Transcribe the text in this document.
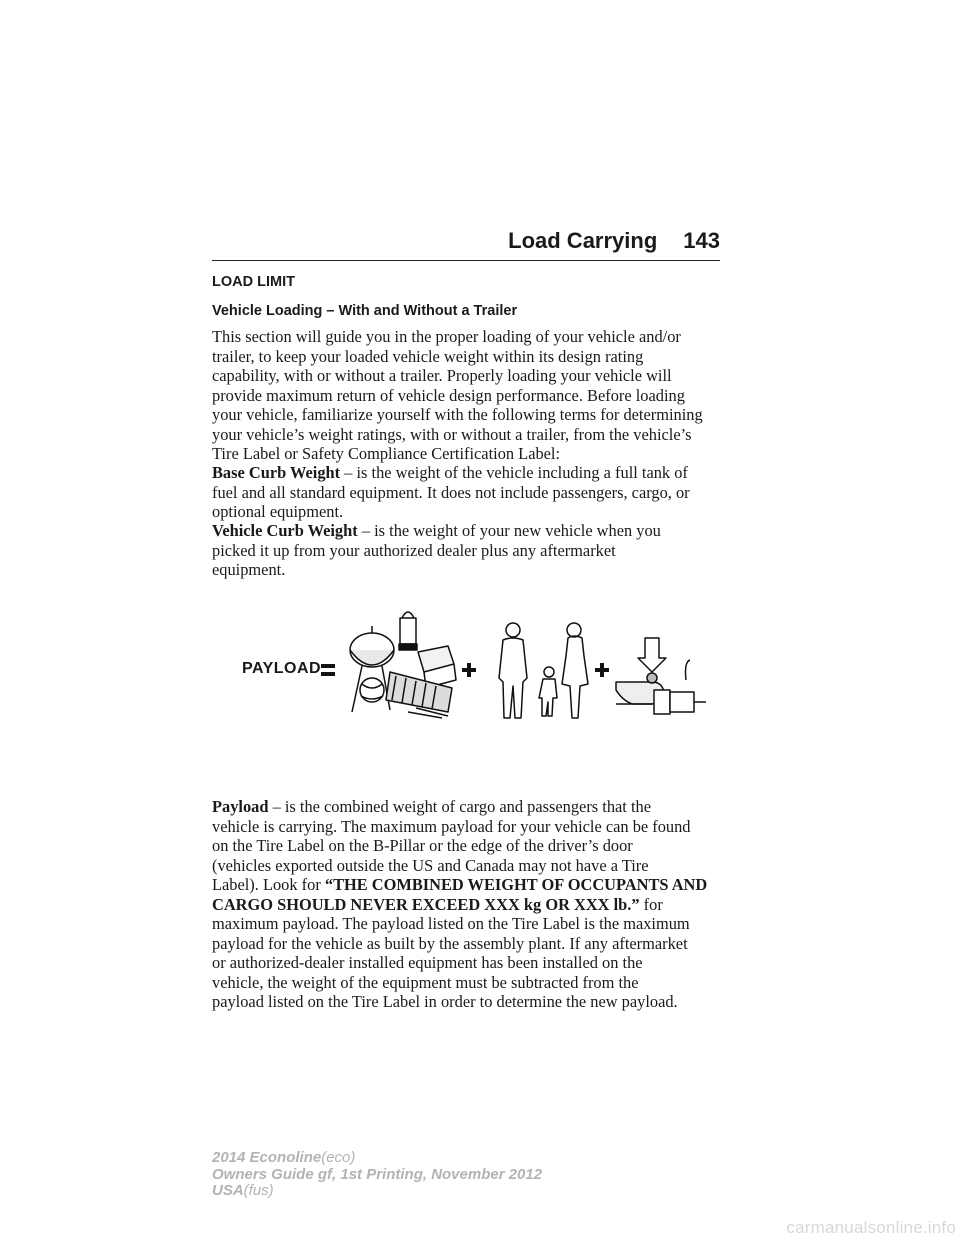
Load Carrying 143
LOAD LIMIT
Vehicle Loading – With and Without a Trailer
This section will guide you in the proper loading of your vehicle and/or
trailer, to keep your loaded vehicle weight within its design rating
capability, with or without a trailer. Properly loading your vehicle will
provide maximum return of vehicle design performance. Before loading
your vehicle, familiarize yourself with the following terms for determining
your vehicle’s weight ratings, with or without a trailer, from the vehicle’s
Tire Label or Safety Compliance Certification Label:
Base Curb Weight – is the weight of the vehicle including a full tank of
fuel and all standard equipment. It does not include passengers, cargo, or
optional equipment.
Vehicle Curb Weight – is the weight of your new vehicle when you
picked it up from your authorized dealer plus any aftermarket
equipment.
PAYLOAD
Payload – is the combined weight of cargo and passengers that the
vehicle is carrying. The maximum payload for your vehicle can be found
on the Tire Label on the B-Pillar or the edge of the driver’s door
(vehicles exported outside the US and Canada may not have a Tire
Label). Look for “THE COMBINED WEIGHT OF OCCUPANTS AND
CARGO SHOULD NEVER EXCEED XXX kg OR XXX lb.” for
maximum payload. The payload listed on the Tire Label is the maximum
payload for the vehicle as built by the assembly plant. If any aftermarket
or authorized-dealer installed equipment has been installed on the
vehicle, the weight of the equipment must be subtracted from the
payload listed on the Tire Label in order to determine the new payload.
2014 Econoline(eco)
Owners Guide gf, 1st Printing, November 2012
USA(fus)
carmanualsonline.info
